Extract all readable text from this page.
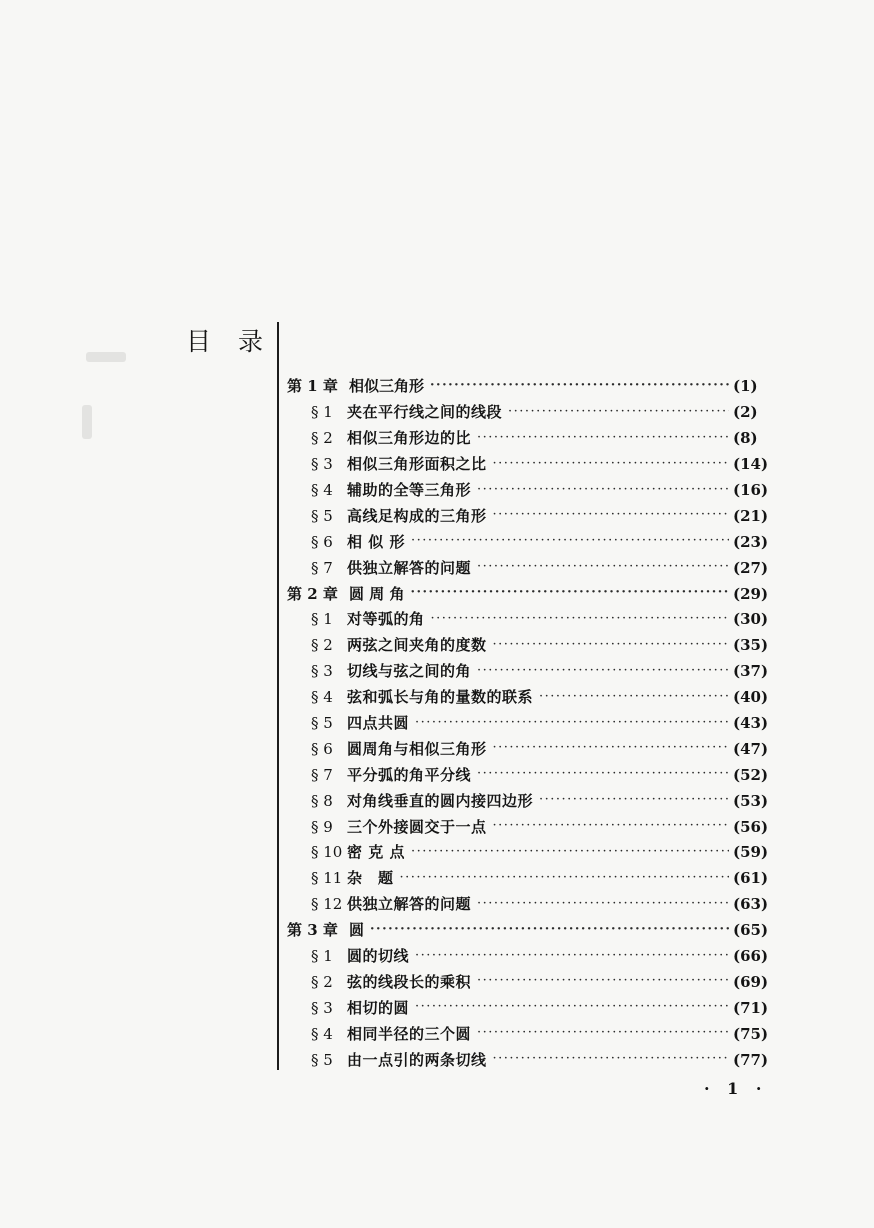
目 录
第 1 章 相似三角形 ·····	(1)
§ 1 夹在平行线之间的线段 ·····	(2)
§ 2 相似三角形边的比 ·····	(8)
§ 3 相似三角形面积之比 ·····	(14)
§ 4 辅助的全等三角形 ·····	(16)
§ 5 高线足构成的三角形 ·····	(21)
§ 6 相 似 形 ·····	(23)
§ 7 供独立解答的问题 ·····	(27)
第 2 章 圆 周 角 ·····	(29)
§ 1 对等弧的角 ·····	(30)
§ 2 两弦之间夹角的度数 ·····	(35)
§ 3 切线与弦之间的角 ·····	(37)
§ 4 弦和弧长与角的量数的联系 ·····	(40)
§ 5 四点共圆 ·····	(43)
§ 6 圆周角与相似三角形 ·····	(47)
§ 7 平分弧的角平分线 ·····	(52)
§ 8 对角线垂直的圆内接四边形 ·····	(53)
§ 9 三个外接圆交于一点 ·····	(56)
§ 10 密 克 点 ·····	(59)
§ 11 杂　题 ·····	(61)
§ 12 供独立解答的问题 ·····	(63)
第 3 章 圆 ·····	(65)
§ 1 圆的切线 ·····	(66)
§ 2 弦的线段长的乘积 ·····	(69)
§ 3 相切的圆 ·····	(71)
§ 4 相同半径的三个圆 ·····	(75)
§ 5 由一点引的两条切线 ·····	(77)
· 1 ·
